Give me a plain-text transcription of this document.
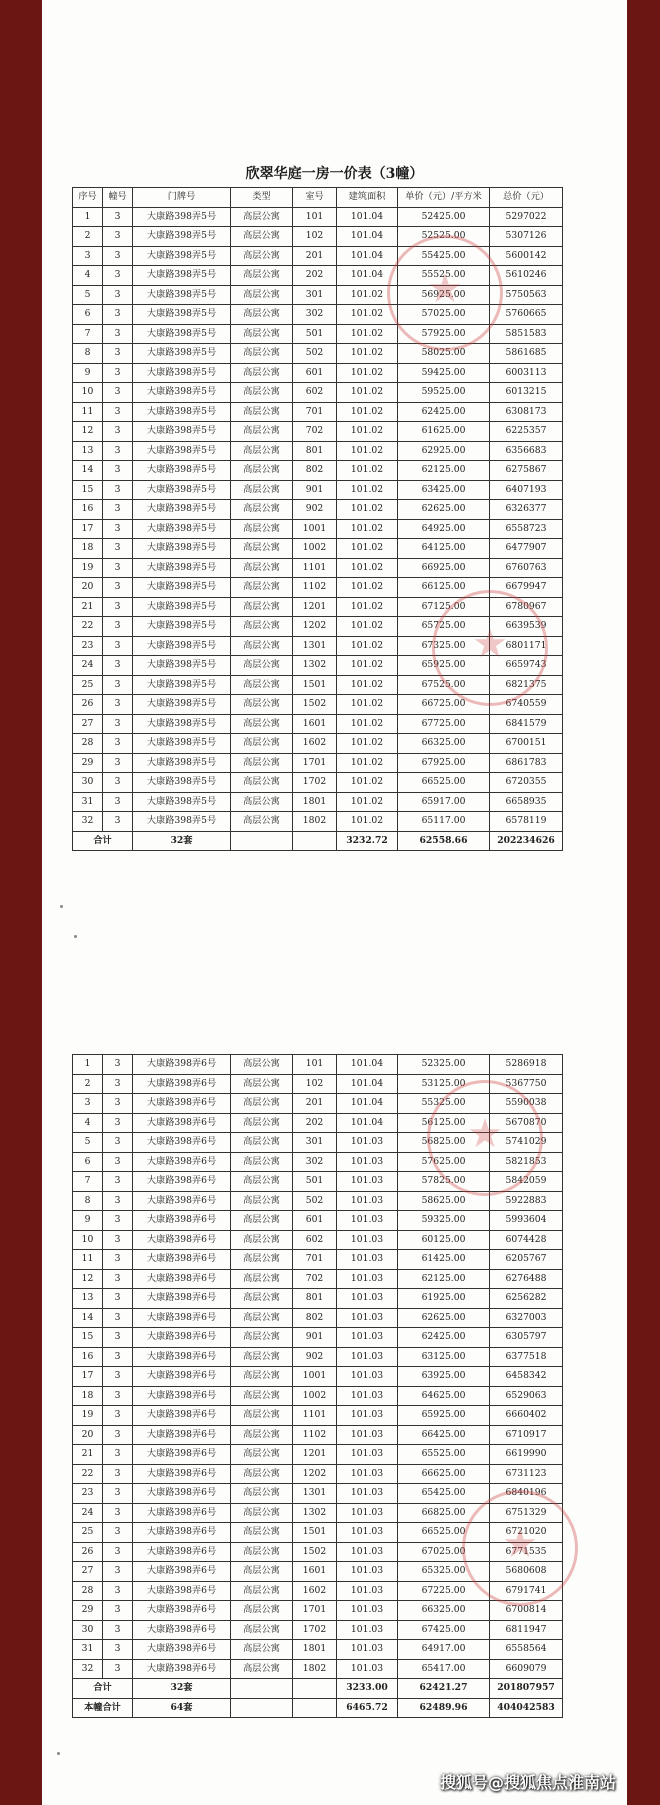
欣翠华庭一房一价表（3幢）
序号	幢号	门牌号	类型	室号	建筑面积	单价（元）/平方米	总价（元）
1	3	大康路398弄5号	高层公寓	101	101.04	52425.00	5297022
2	3	大康路398弄5号	高层公寓	102	101.04	52525.00	5307126
3	3	大康路398弄5号	高层公寓	201	101.04	55425.00	5600142
4	3	大康路398弄5号	高层公寓	202	101.04	55525.00	5610246
5	3	大康路398弄5号	高层公寓	301	101.02	56925.00	5750563
6	3	大康路398弄5号	高层公寓	302	101.02	57025.00	5760665
7	3	大康路398弄5号	高层公寓	501	101.02	57925.00	5851583
8	3	大康路398弄5号	高层公寓	502	101.02	58025.00	5861685
9	3	大康路398弄5号	高层公寓	601	101.02	59425.00	6003113
10	3	大康路398弄5号	高层公寓	602	101.02	59525.00	6013215
11	3	大康路398弄5号	高层公寓	701	101.02	62425.00	6308173
12	3	大康路398弄5号	高层公寓	702	101.02	61625.00	6225357
13	3	大康路398弄5号	高层公寓	801	101.02	62925.00	6356683
14	3	大康路398弄5号	高层公寓	802	101.02	62125.00	6275867
15	3	大康路398弄5号	高层公寓	901	101.02	63425.00	6407193
16	3	大康路398弄5号	高层公寓	902	101.02	62625.00	6326377
17	3	大康路398弄5号	高层公寓	1001	101.02	64925.00	6558723
18	3	大康路398弄5号	高层公寓	1002	101.02	64125.00	6477907
19	3	大康路398弄5号	高层公寓	1101	101.02	66925.00	6760763
20	3	大康路398弄5号	高层公寓	1102	101.02	66125.00	6679947
21	3	大康路398弄5号	高层公寓	1201	101.02	67125.00	6780967
22	3	大康路398弄5号	高层公寓	1202	101.02	65725.00	6639539
23	3	大康路398弄5号	高层公寓	1301	101.02	67325.00	6801171
24	3	大康路398弄5号	高层公寓	1302	101.02	65925.00	6659743
25	3	大康路398弄5号	高层公寓	1501	101.02	67525.00	6821375
26	3	大康路398弄5号	高层公寓	1502	101.02	66725.00	6740559
27	3	大康路398弄5号	高层公寓	1601	101.02	67725.00	6841579
28	3	大康路398弄5号	高层公寓	1602	101.02	66325.00	6700151
29	3	大康路398弄5号	高层公寓	1701	101.02	67925.00	6861783
30	3	大康路398弄5号	高层公寓	1702	101.02	66525.00	6720355
31	3	大康路398弄5号	高层公寓	1801	101.02	65917.00	6658935
32	3	大康路398弄5号	高层公寓	1802	101.02	65117.00	6578119
合计		32套			3232.72	62558.66	202234626
1	3	大康路398弄6号	高层公寓	101	101.04	52325.00	5286918
2	3	大康路398弄6号	高层公寓	102	101.04	53125.00	5367750
3	3	大康路398弄6号	高层公寓	201	101.04	55325.00	5590038
4	3	大康路398弄6号	高层公寓	202	101.04	56125.00	5670870
5	3	大康路398弄6号	高层公寓	301	101.03	56825.00	5741029
6	3	大康路398弄6号	高层公寓	302	101.03	57625.00	5821853
7	3	大康路398弄6号	高层公寓	501	101.03	57825.00	5842059
8	3	大康路398弄6号	高层公寓	502	101.03	58625.00	5922883
9	3	大康路398弄6号	高层公寓	601	101.03	59325.00	5993604
10	3	大康路398弄6号	高层公寓	602	101.03	60125.00	6074428
11	3	大康路398弄6号	高层公寓	701	101.03	61425.00	6205767
12	3	大康路398弄6号	高层公寓	702	101.03	62125.00	6276488
13	3	大康路398弄6号	高层公寓	801	101.03	61925.00	6256282
14	3	大康路398弄6号	高层公寓	802	101.03	62625.00	6327003
15	3	大康路398弄6号	高层公寓	901	101.03	62425.00	6305797
16	3	大康路398弄6号	高层公寓	902	101.03	63125.00	6377518
17	3	大康路398弄6号	高层公寓	1001	101.03	63925.00	6458342
18	3	大康路398弄6号	高层公寓	1002	101.03	64625.00	6529063
19	3	大康路398弄6号	高层公寓	1101	101.03	65925.00	6660402
20	3	大康路398弄6号	高层公寓	1102	101.03	66425.00	6710917
21	3	大康路398弄6号	高层公寓	1201	101.03	65525.00	6619990
22	3	大康路398弄6号	高层公寓	1202	101.03	66625.00	6731123
23	3	大康路398弄6号	高层公寓	1301	101.03	65425.00	6840196
24	3	大康路398弄6号	高层公寓	1302	101.03	66825.00	6751329
25	3	大康路398弄6号	高层公寓	1501	101.03	66525.00	6721020
26	3	大康路398弄6号	高层公寓	1502	101.03	67025.00	6771535
27	3	大康路398弄6号	高层公寓	1601	101.03	65325.00	5680608
28	3	大康路398弄6号	高层公寓	1602	101.03	67225.00	6791741
29	3	大康路398弄6号	高层公寓	1701	101.03	66325.00	6700814
30	3	大康路398弄6号	高层公寓	1702	101.03	67425.00	6811947
31	3	大康路398弄6号	高层公寓	1801	101.03	64917.00	6558564
32	3	大康路398弄6号	高层公寓	1802	101.03	65417.00	6609079
合计		32套			3233.00	62421.27	201807957
本幢合计		64套			6465.72	62489.96	404042583
★
★
★
★
搜狐号@搜狐焦点淮南站
